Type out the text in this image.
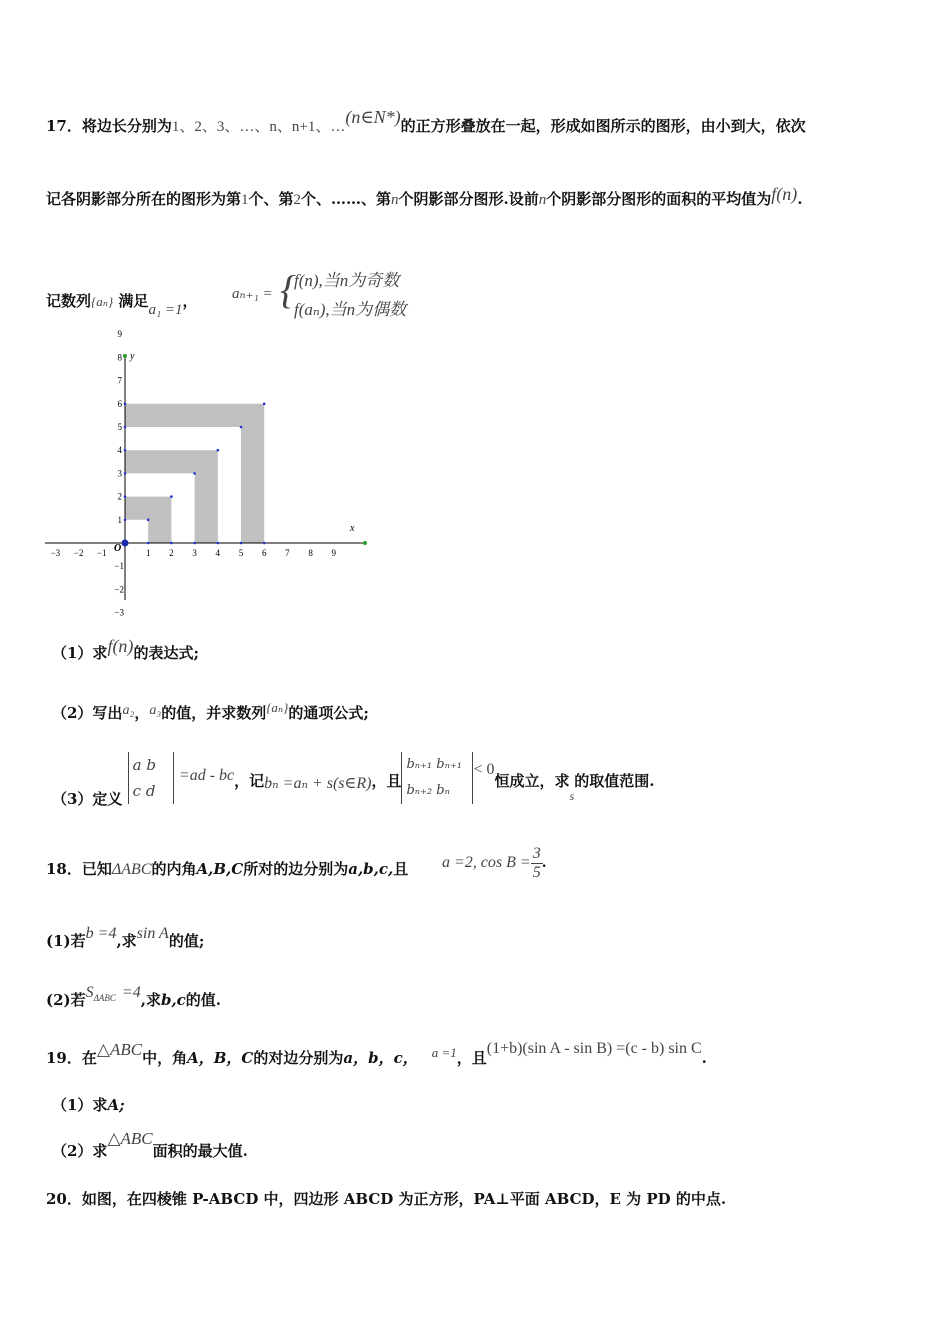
17．将边长分别为1、2、3、…、n、n+1、…(n∈N*)的正方形叠放在一起，形成如图所示的图形，由小到大，依次
记各阴影部分所在的图形为第1个、第2个、……、第n个阴影部分图形.设前n个阴影部分图形的面积的平均值为f(n).
记数列{aₙ} 满足a₁ =1， aₙ₊₁ = {
f(n),当n为奇数
f(aₙ),当n为偶数
x
y
O
−3 −2 −1	1 2 3 4 5 6 7 8 9
1
2
3
4
5
6
7
8
9
−1
−2
−3
（1）求f(n)的表达式;
（2）写出a₂，a₃的值，并求数列{aₙ}的通项公式;
（3）定义
a b
c d
=ad - bc，记bₙ =aₙ + s(s∈R)，且
bₙ₊₁ bₙ₊₁
bₙ₊₂ bₙ
< 0恒成立，求$_s$的取值范围.
18．已知ΔABC的内角A,B,C所对的边分别为a,b,c,且 a =2, $\cos B = \frac{3}{5}$ .
(1)若b =4,求sin A的值;
(2)若$S^{\Delta ABC} =4$,求b,c的值.
19．在△ABC中，角A，B，C的对边分别为a，b，c， a =1，且(1+b)(sin A - sin B) =(c - b) sin C.
（1）求A;
（2）求△ABC面积的最大值.
20．如图，在四棱锥 P-ABCD 中，四边形 ABCD 为正方形，PA⊥平面 ABCD，E 为 PD 的中点.
